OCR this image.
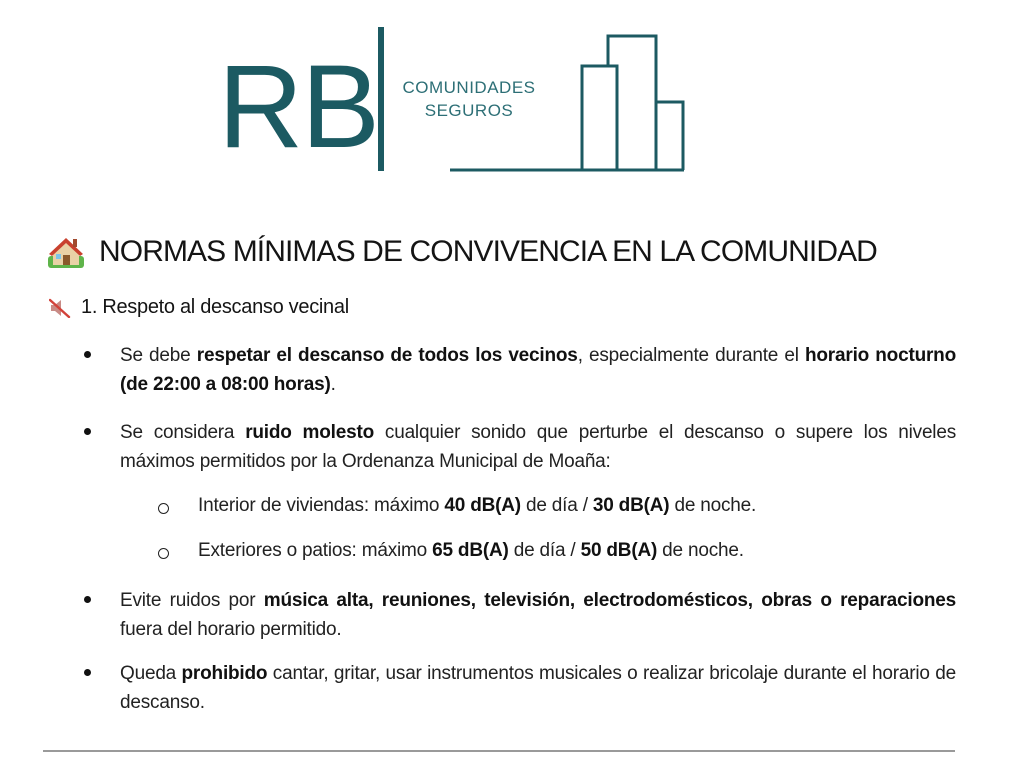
RB	COMUNIDADES
SEGUROS
NORMAS MÍNIMAS DE CONVIVENCIA EN LA COMUNIDAD
1. Respeto al descanso vecinal
Se debe respetar el descanso de todos los vecinos, especialmente durante el horario nocturno (de 22:00 a 08:00 horas).
Se considera ruido molesto cualquier sonido que perturbe el descanso o supere los niveles máximos permitidos por la Ordenanza Municipal de Moaña:
Interior de viviendas: máximo 40 dB(A) de día / 30 dB(A) de noche.
Exteriores o patios: máximo 65 dB(A) de día / 50 dB(A) de noche.
Evite ruidos por música alta, reuniones, televisión, electrodomésticos, obras o reparaciones fuera del horario permitido.
Queda prohibido cantar, gritar, usar instrumentos musicales o realizar bricolaje durante el horario de descanso.
